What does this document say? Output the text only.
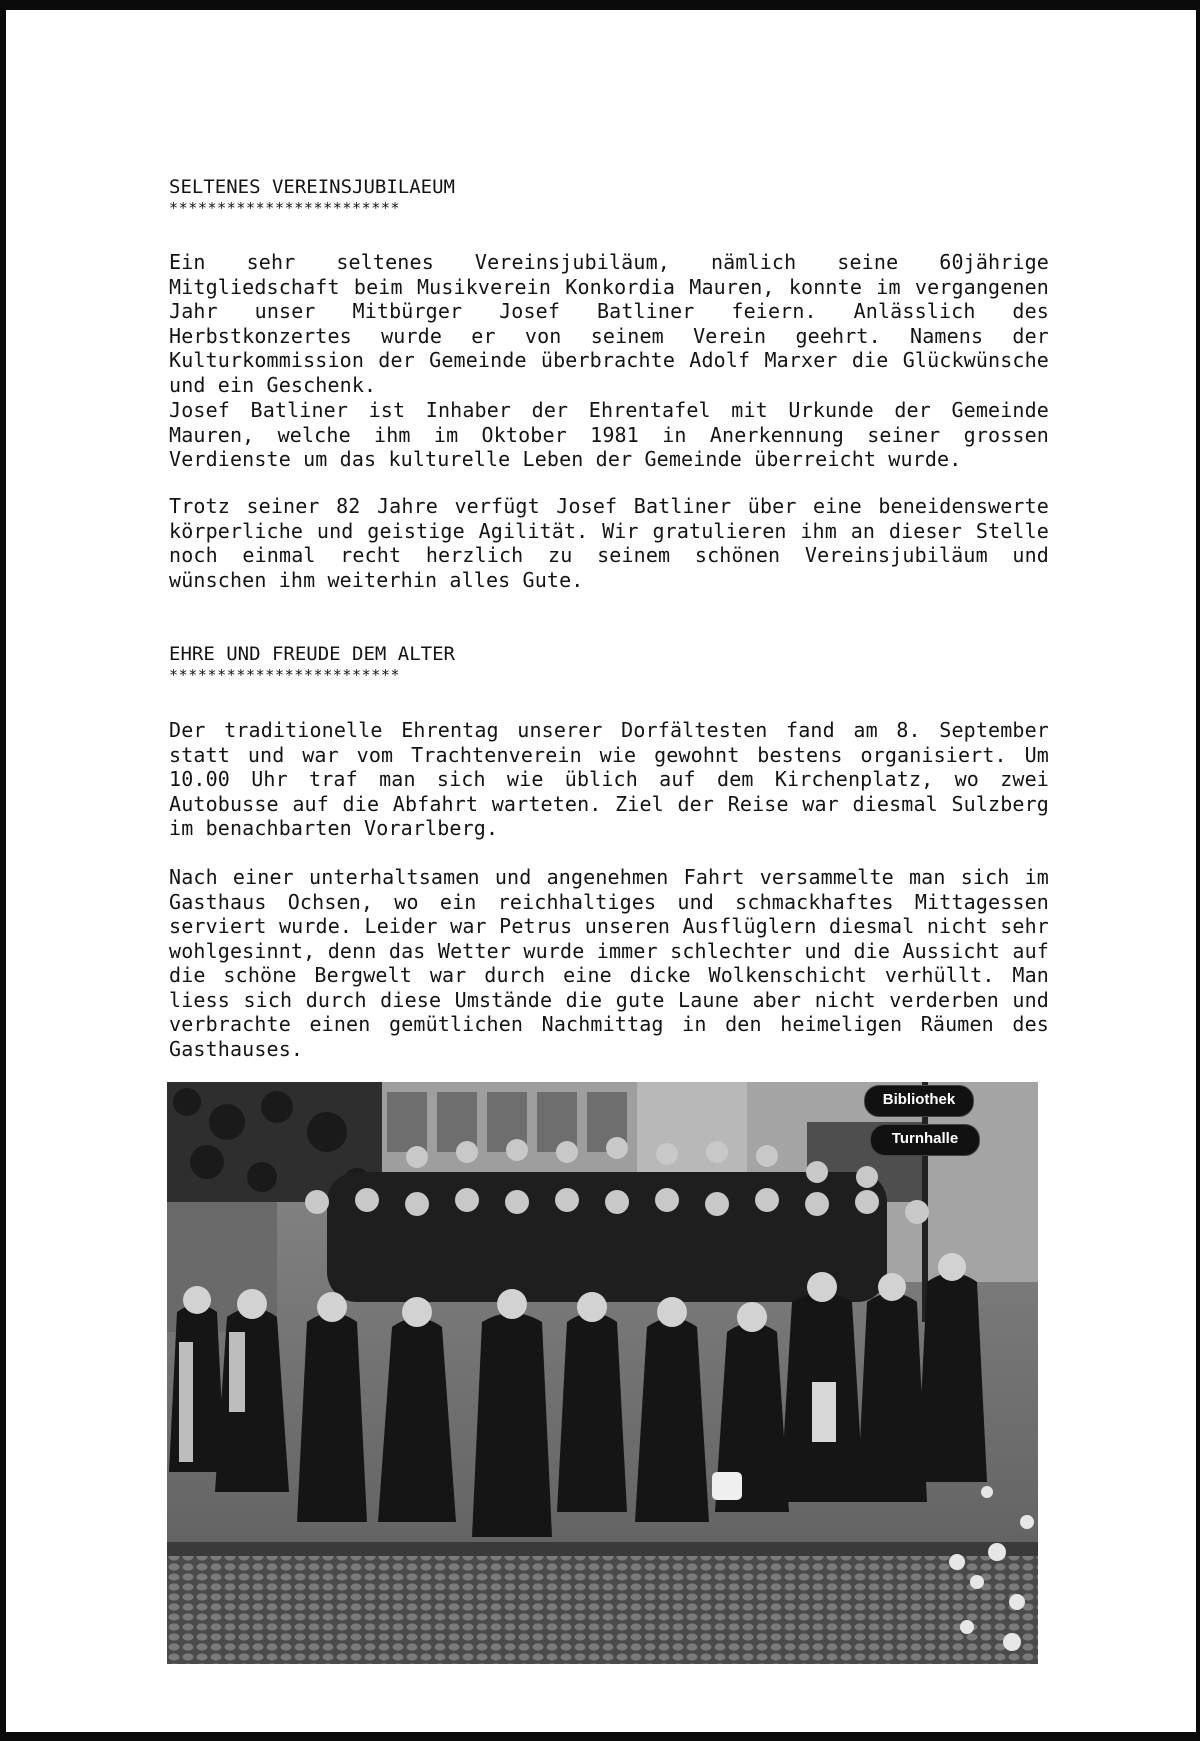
SELTENES VEREINSJUBILAEUM
************************
Ein sehr seltenes Vereinsjubiläum, nämlich seine 60jährige Mitgliedschaft beim Musikverein Konkordia Mauren, konnte im vergangenen Jahr unser Mitbürger Josef Batliner feiern. Anlässlich des Herbstkonzertes wurde er von seinem Verein geehrt. Namens der Kulturkommission der Gemeinde überbrachte Adolf Marxer die Glückwünsche und ein Geschenk.
Josef Batliner ist Inhaber der Ehrentafel mit Urkunde der Gemeinde Mauren, welche ihm im Oktober 1981 in Anerkennung seiner grossen Verdienste um das kulturelle Leben der Gemeinde überreicht wurde.
Trotz seiner 82 Jahre verfügt Josef Batliner über eine beneidenswerte körperliche und geistige Agilität. Wir gratulieren ihm an dieser Stelle noch einmal recht herzlich zu seinem schönen Vereinsjubiläum und wünschen ihm weiterhin alles Gute.
EHRE UND FREUDE DEM ALTER
************************
Der traditionelle Ehrentag unserer Dorfältesten fand am 8. September statt und war vom Trachtenverein wie gewohnt bestens organisiert. Um 10.00 Uhr traf man sich wie üblich auf dem Kirchenplatz, wo zwei Autobusse auf die Abfahrt warteten. Ziel der Reise war diesmal Sulzberg im benachbarten Vorarlberg.
Nach einer unterhaltsamen und angenehmen Fahrt versammelte man sich im Gasthaus Ochsen, wo ein reichhaltiges und schmackhaftes Mittagessen serviert wurde. Leider war Petrus unseren Ausflüglern diesmal nicht sehr wohlgesinnt, denn das Wetter wurde immer schlechter und die Aussicht auf die schöne Bergwelt war durch eine dicke Wolkenschicht verhüllt. Man liess sich durch diese Umstände die gute Laune aber nicht verderben und verbrachte einen gemütlichen Nachmittag in den heimeligen Räumen des Gasthauses.
Bibliothek
Turnhalle
